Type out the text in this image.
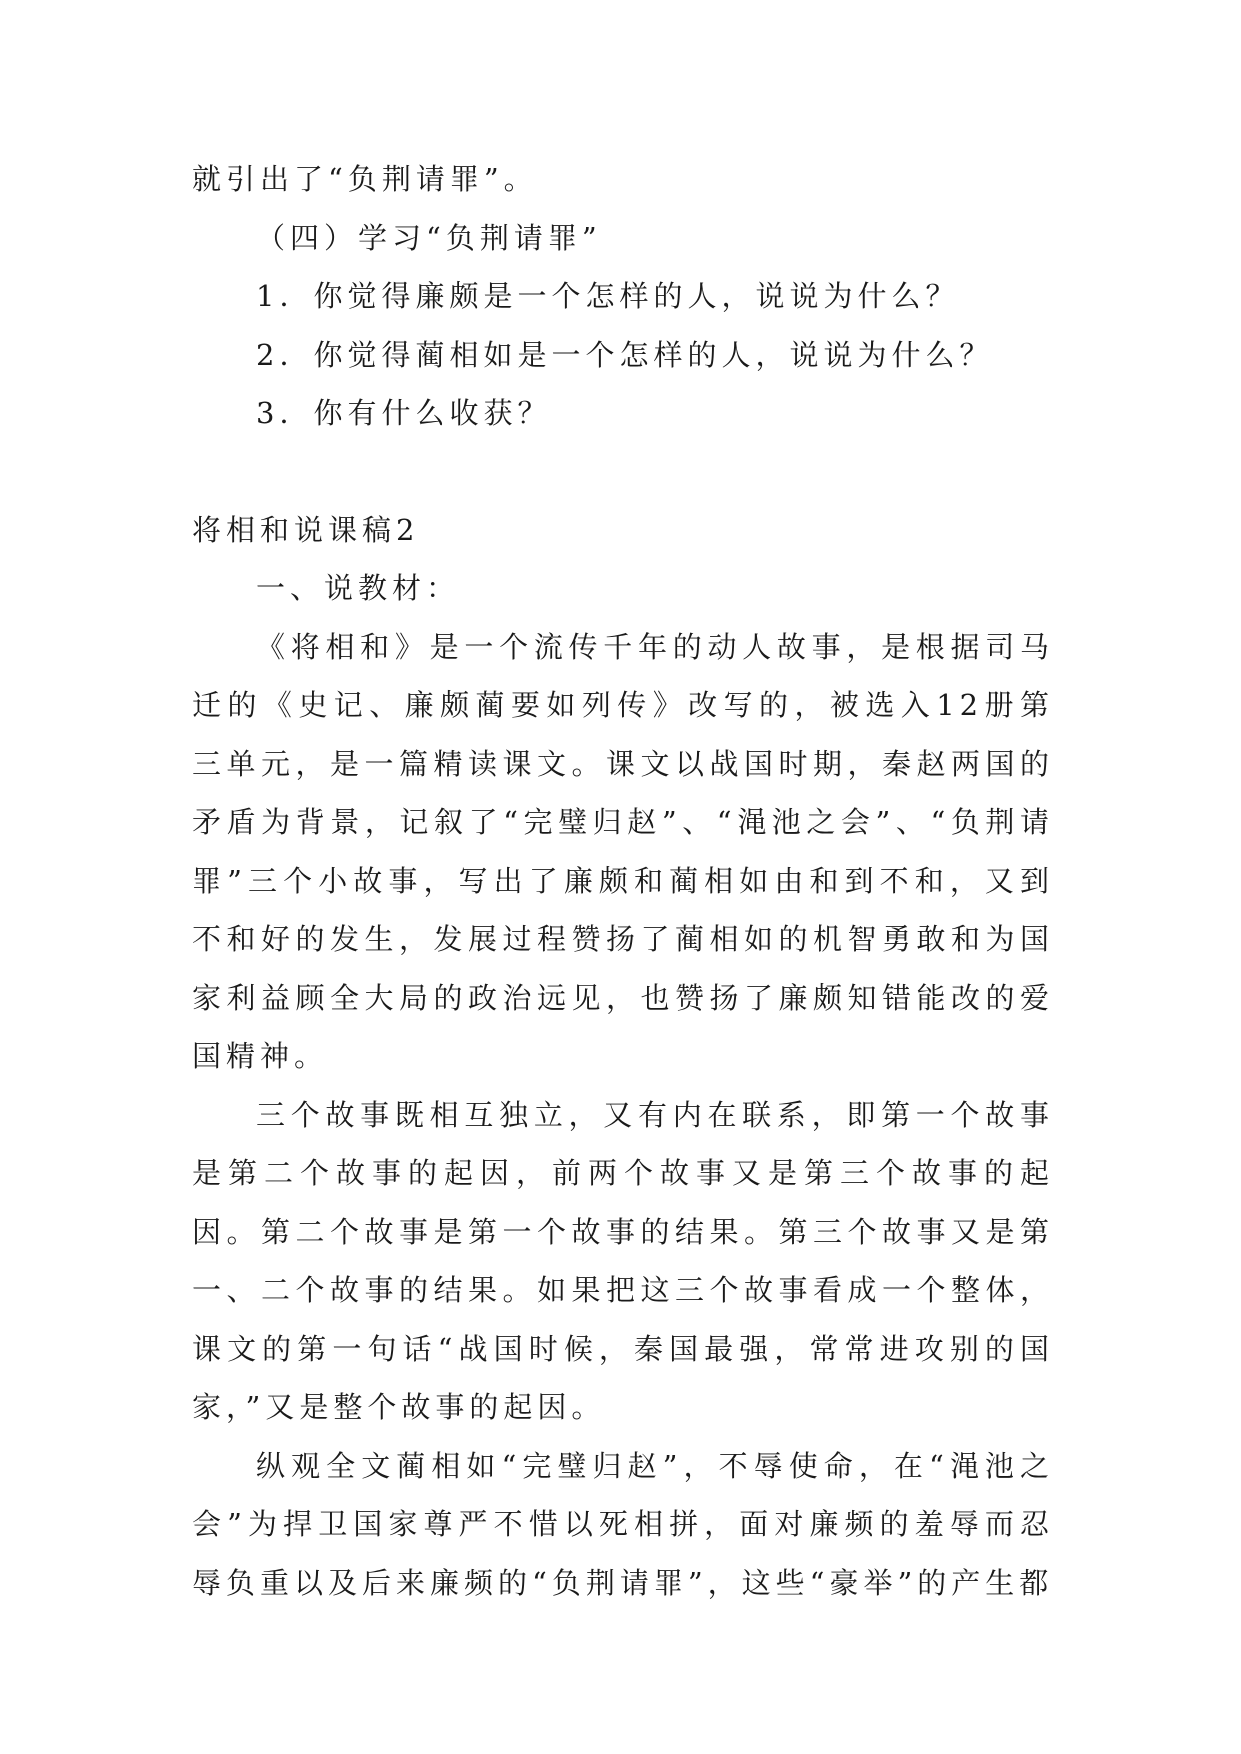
就引出了“负荆请罪”。
（四）学习“负荆请罪”
1．你觉得廉颇是一个怎样的人，说说为什么？
2．你觉得蔺相如是一个怎样的人，说说为什么？
3．你有什么收获？
将相和说课稿2
一、说教材：

《将相和》是一个流传千年的动人故事，是根据司马迁的《史记、廉颇蔺要如列传》改写的，被选入12册第三单元，是一篇精读课文。课文以战国时期，秦赵两国的矛盾为背景，记叙了“完璧归赵”、“渑池之会”、“负荆请罪”三个小故事，写出了廉颇和蔺相如由和到不和，又到不和好的发生，发展过程赞扬了蔺相如的机智勇敢和为国家利益顾全大局的政治远见，也赞扬了廉颇知错能改的爱国精神。

三个故事既相互独立，又有内在联系，即第一个故事是第二个故事的起因，前两个故事又是第三个故事的起因。第二个故事是第一个故事的结果。第三个故事又是第一、二个故事的结果。如果把这三个故事看成一个整体，课文的第一句话“战国时候，秦国最强，常常进攻别的国家，”又是整个故事的起因。

纵观全文蔺相如“完璧归赵”，不辱使命，在“渑池之会”为捍卫国家尊严不惜以死相拼，面对廉频的羞辱而忍辱负重以及后来廉频的“负荆请罪”，这些“豪举”的产生都
